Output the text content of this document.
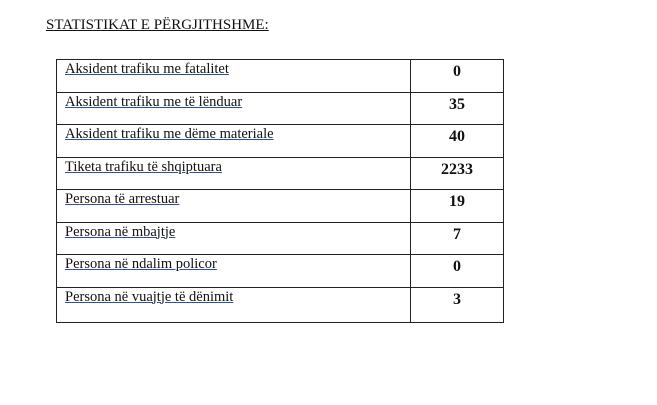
STATISTIKAT E PËRGJITHSHME:
Aksident trafiku me fatalitet	0
Aksident trafiku me të lënduar	35
Aksident trafiku me dëme materiale	40
Tiketa trafiku të shqiptuara	2233
Persona të arrestuar	19
Persona në mbajtje	7
Persona në ndalim policor	0
Persona në vuajtje të dënimit	3
